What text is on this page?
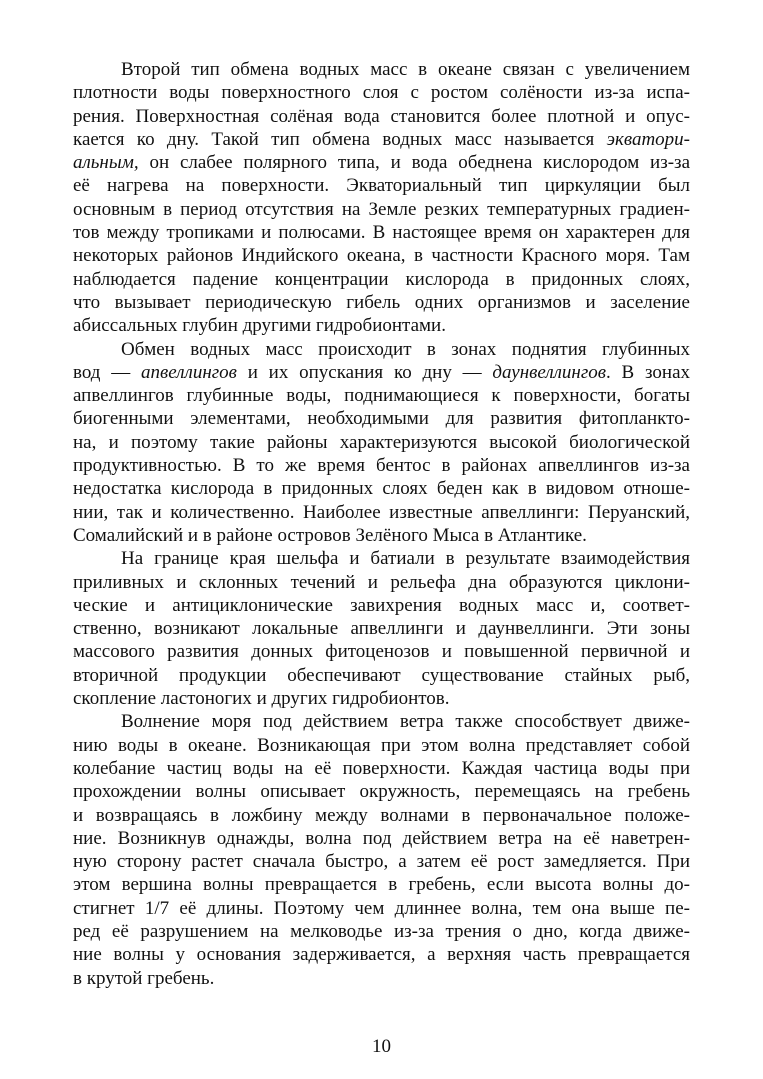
Второй тип обмена водных масс в океане связан с увеличением
плотности воды поверхностного слоя с ростом солёности из-за испа-
рения. Поверхностная солёная вода становится более плотной и опус-
кается ко дну. Такой тип обмена водных масс называется экватори-
альным, он слабее полярного типа, и вода обеднена кислородом из-за
её нагрева на поверхности. Экваториальный тип циркуляции был
основным в период отсутствия на Земле резких температурных градиен-
тов между тропиками и полюсами. В настоящее время он характерен для
некоторых районов Индийского океана, в частности Красного моря. Там
наблюдается падение концентрации кислорода в придонных слоях,
что вызывает периодическую гибель одних организмов и заселение
абиссальных глубин другими гидробионтами.
Обмен водных масс происходит в зонах поднятия глубинных
вод — апвеллингов и их опускания ко дну — даунвеллингов. В зонах
апвеллингов глубинные воды, поднимающиеся к поверхности, богаты
биогенными элементами, необходимыми для развития фитопланкто-
на, и поэтому такие районы характеризуются высокой биологической
продуктивностью. В то же время бентос в районах апвеллингов из-за
недостатка кислорода в придонных слоях беден как в видовом отноше-
нии, так и количественно. Наиболее известные апвеллинги: Перуанский,
Сомалийский и в районе островов Зелёного Мыса в Атлантике.
На границе края шельфа и батиали в результате взаимодействия
приливных и склонных течений и рельефа дна образуются циклони-
ческие и антициклонические завихрения водных масс и, соответ-
ственно, возникают локальные апвеллинги и даунвеллинги. Эти зоны
массового развития донных фитоценозов и повышенной первичной и
вторичной продукции обеспечивают существование стайных рыб,
скопление ластоногих и других гидробионтов.
Волнение моря под действием ветра также способствует движе-
нию воды в океане. Возникающая при этом волна представляет собой
колебание частиц воды на её поверхности. Каждая частица воды при
прохождении волны описывает окружность, перемещаясь на гребень
и возвращаясь в ложбину между волнами в первоначальное положе-
ние. Возникнув однажды, волна под действием ветра на её наветрен-
ную сторону растет сначала быстро, а затем её рост замедляется. При
этом вершина волны превращается в гребень, если высота волны до-
стигнет 1/7 её длины. Поэтому чем длиннее волна, тем она выше пе-
ред её разрушением на мелководье из-за трения о дно, когда движе-
ние волны у основания задерживается, а верхняя часть превращается
в крутой гребень.
10
